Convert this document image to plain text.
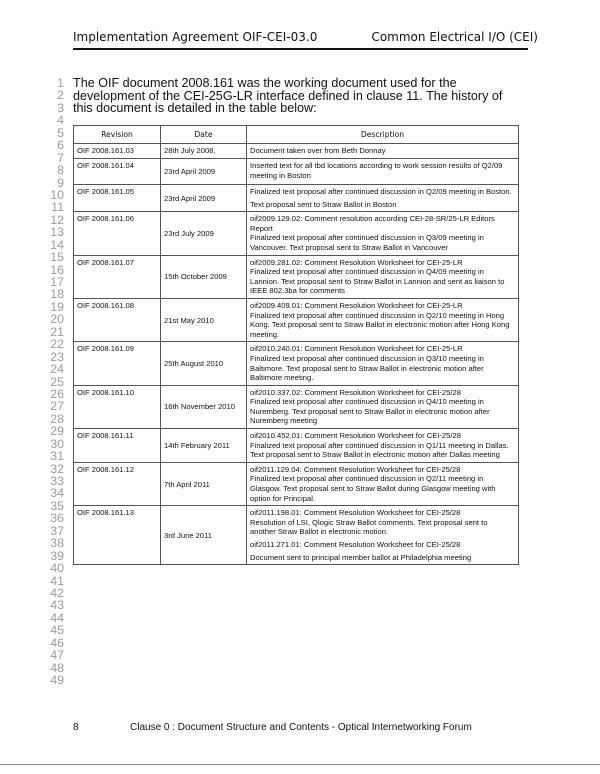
Implementation Agreement OIF-CEI-03.0	Common Electrical I/O (CEI)
1
2
3
4
5
6
7
8
9
10
11
12
13
14
15
16
17
18
19
20
21
22
23
24
25
26
27
28
29
30
31
32
33
34
35
36
37
38
39
40
41
42
43
44
45
46
47
48
49
The OIF document 2008.161 was the working document used for the development of the CEI-25G-LR interface defined in clause 11. The history of this document is detailed in the table below:
Revision	Date	Description
OIF 2008.161.03	28th July 2008,	Document taken over from Beth Donnay

OIF 2008.161.04	23rd April 2009	Inserted text for all tbd locations according to work session results of Q2/09 meeting in Boston

OIF 2008.161.05	23rd April 2009	Finalized text proposal after continued discussion in Q2/09 meeting in Boston.

Text proposal sent to Straw Ballot in Boston

OIF 2008.161.06	23rd July 2009	oif2009.129.02: Comment resolution according CEI-28-SR/25-LR Editors Report

Finalized text proposal after continued discussion in Q3/09 meeting in Vancouver. Text proposal sent to Straw Ballot in Vancouver

OIF 2008.161.07	15th October 2009	oif2009.281.02: Comment Resolution Worksheet for CEI-25-LR

Finalized text proposal after continued discussion in Q4/09 meeting in Lannion. Text proposal sent to Straw Ballot in Lannion and sent as liaison to IEEE 802.3ba for comments

OIF 2008.161.08	21st May 2010	oif2009.409.01: Comment Resolution Worksheet for CEI-25-LR

Finalized text proposal after continued discussion in Q2/10 meeting in Hong Kong. Text proposal sent to Straw Ballot in electronic motion after Hong Kong meeting.

OIF 2008.161.09	25th August 2010	oif2010.240.01: Comment Resolution Worksheet for CEI-25-LR

Finalized text proposal after continued discussion in Q3/10 meeting in Baltimore. Text proposal sent to Straw Ballot in electronic motion after Baltimore meeting.

OIF 2008.161.10	16th November 2010	oif2010.337.02: Comment Resolution Worksheet for CEI-25/28

Finalized text proposal after continued discussion in Q4/10 meeting in Nuremberg. Text proposal sent to Straw Ballot in electronic motion after Nuremberg meeting

OIF 2008.161.11	14th February 2011	oif2010.452.01: Comment Resolution Worksheet for CEI-25/28

Finalized text proposal after continued discussion in Q1/11 meeting in Dallas.

Text proposal sent to Straw Ballot in electronic motion after Dallas meeting

OIF 2008.161.12	7th April 2011	oif2011.129.04: Comment Resolution Worksheet for CEI-25/28

Finalized text proposal after continued discussion in Q2/11 meeting in Glasgow. Text proposal sent to Straw Ballot during Glasgow meeting with option for Principal.

OIF 2008.161.13	3rd June 2011	oif2011.198.01: Comment Resolution Worksheet for CEI-25/28

Resolution of LSI, Qlogic Straw Ballot comments. Text proposal sent to another Straw Ballot in electronic motion.

oif2011.271.01: Comment Resolution Worksheet for CEI-25/28

Document sent to principal member ballot at Philadelphia meeting

8	Clause 0 : Document Structure and Contents - Optical Internetworking Forum
